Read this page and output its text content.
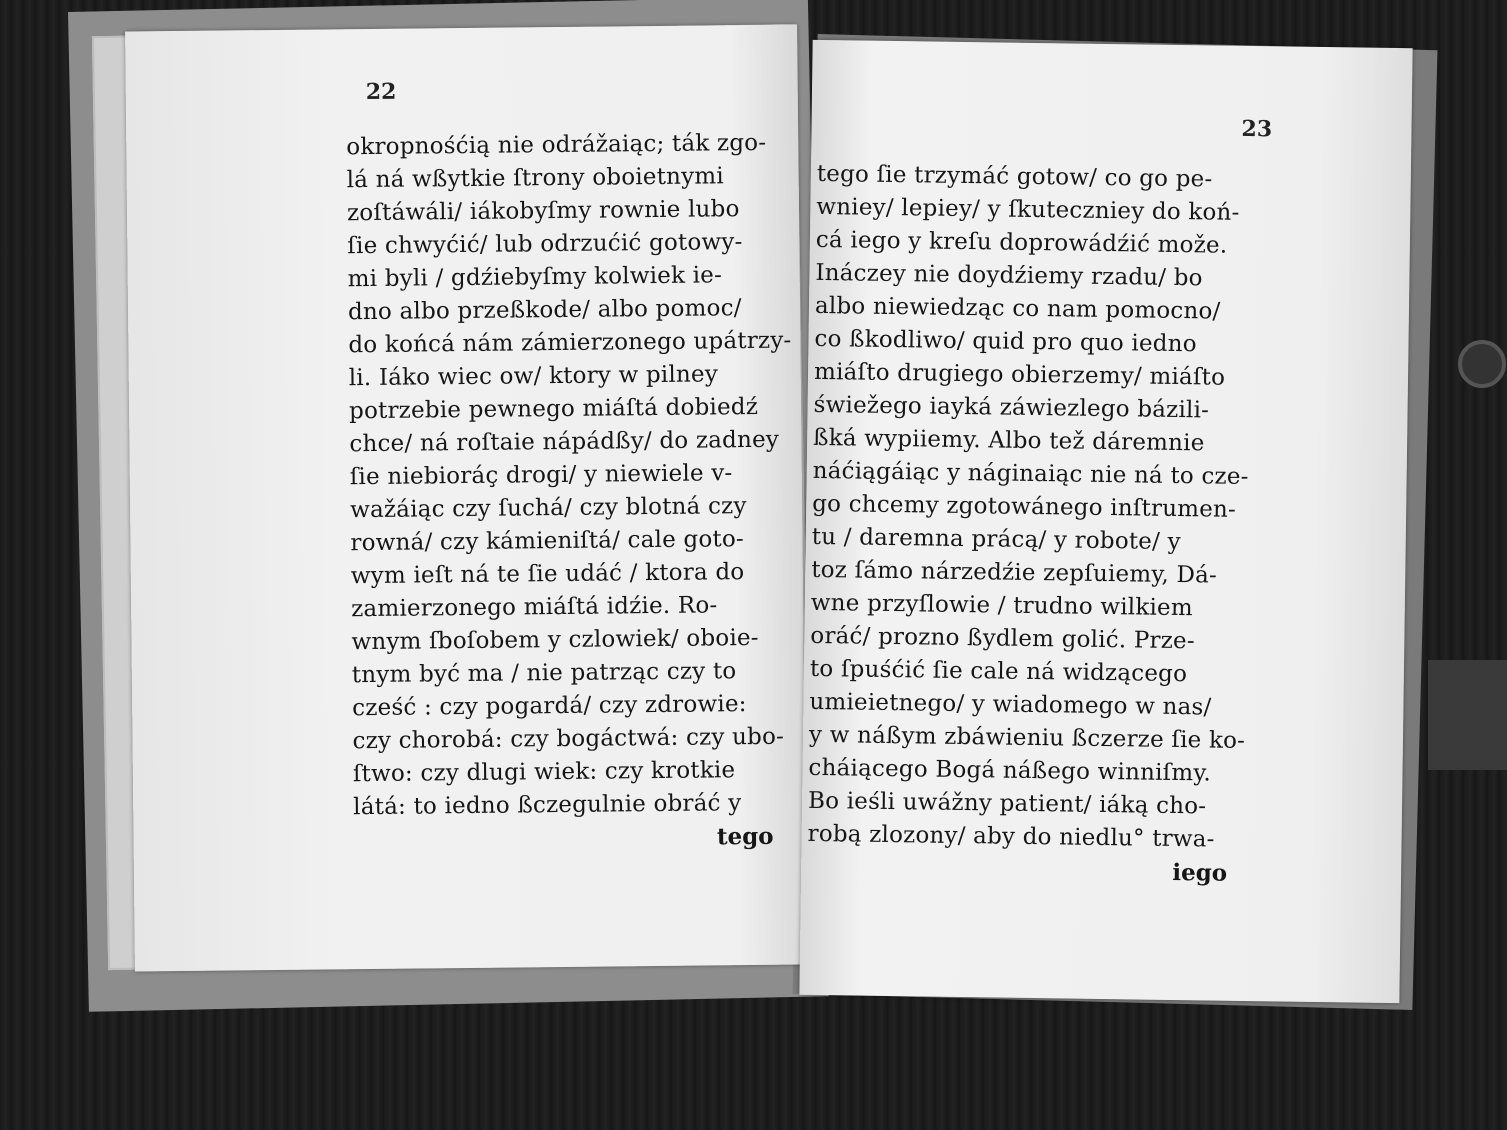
22
okropnośćią nie odrážaiąc; ták zgo-
lá ná wßytkie ſtrony oboietnymi
zoſtáwáli/ iákobyſmy rownie lubo
ſie chwyćić/ lub odrzućić gotowy-
mi byli / gdźiebyſmy kolwiek ie-
dno albo przeßkode/ albo pomoc/
do końcá nám zámierzonego upátrzy-
li. Iáko wiec ow/ ktory w pilney
potrzebie pewnego miáſtá dobiedź
chce/ ná roſtaie nápádßy/ do zadney
ſie niebioráç drogi/ y niewiele v-
wažáiąc czy ſuchá/ czy blotná czy
rowná/ czy kámieniſtá/ cale goto-
wym ieſt ná te ſie udáć / ktora do
zamierzonego miáſtá idźie. Ro-
wnym ſboſobem y czlowiek/ oboie-
tnym być ma / nie patrząc czy to
cześć : czy pogardá/ czy zdrowie:
czy chorobá: czy bogáctwá: czy ubo-
ſtwo: czy dlugi wiek: czy krotkie
látá: to iedno ßczegulnie obráć y
tego
23
tego ſie trzymáć gotow/ co go pe-
wniey/ lepiey/ y ſkuteczniey do koń-
cá iego y kreſu doprowádźić može.
Ináczey nie doydźiemy rzadu/ bo
albo niewiedząc co nam pomocno/
co ßkodliwo/ quid pro quo iedno
miáſto drugiego obierzemy/ miáſto
świežego iayká záwiezlego bázili-
ßká wypiiemy. Albo tež dáremnie
náćiągáiąc y náginaiąc nie ná to cze-
go chcemy zgotowánego inſtrumen-
tu / daremna prácą/ y robote/ y
toz ſámo nárzedźie zepſuiemy, Dá-
wne przyſlowie / trudno wilkiem
oráć/ prozno ßydlem golić. Prze-
to ſpuśćić ſie cale ná widzącego
umieietnego/ y wiadomego w nas/
y w náßym zbáwieniu ßczerze ſie ko-
cháiącego Bogá náßego winniſmy.
Bo ieśli uwážny patient/ iáką cho-
robą zlozony/ aby do niedlu° trwa-
iego
